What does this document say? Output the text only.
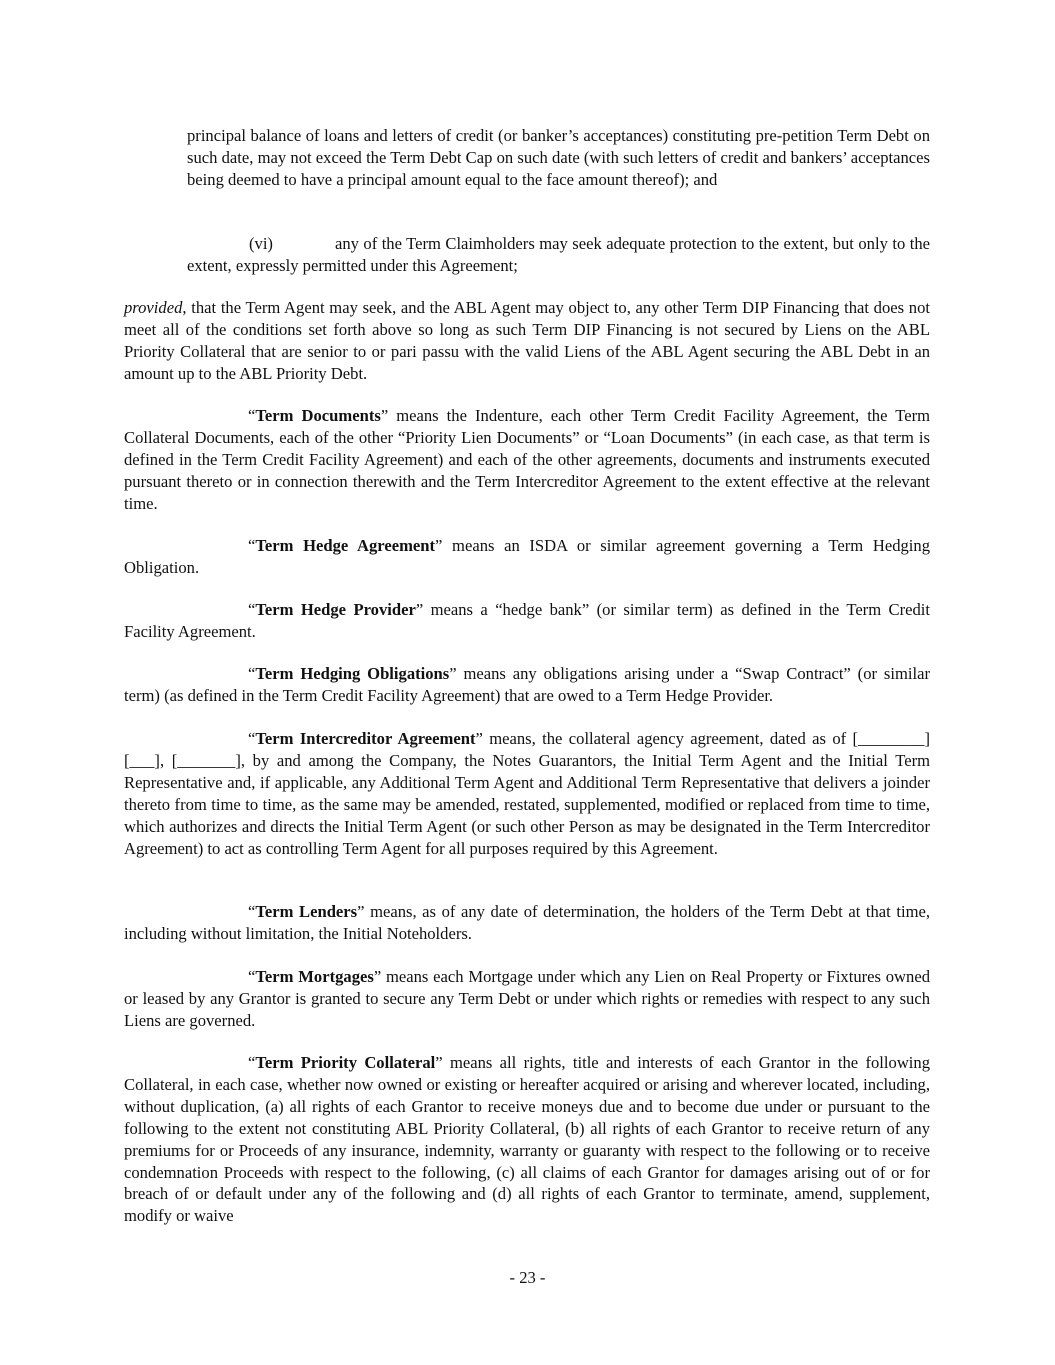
principal balance of loans and letters of credit (or banker’s acceptances) constituting pre-petition Term Debt on such date, may not exceed the Term Debt Cap on such date (with such letters of credit and bankers’ acceptances being deemed to have a principal amount equal to the face amount thereof); and

(vi)	any of the Term Claimholders may seek adequate protection to the extent, but only to the extent, expressly permitted under this Agreement;

provided, that the Term Agent may seek, and the ABL Agent may object to, any other Term DIP Financing that does not meet all of the conditions set forth above so long as such Term DIP Financing is not secured by Liens on the ABL Priority Collateral that are senior to or pari passu with the valid Liens of the ABL Agent securing the ABL Debt in an amount up to the ABL Priority Debt.

“Term Documents” means the Indenture, each other Term Credit Facility Agreement, the Term Collateral Documents, each of the other “Priority Lien Documents” or “Loan Documents” (in each case, as that term is defined in the Term Credit Facility Agreement) and each of the other agreements, documents and instruments executed pursuant thereto or in connection therewith and the Term Intercreditor Agreement to the extent effective at the relevant time.

“Term Hedge Agreement” means an ISDA or similar agreement governing a Term Hedging Obligation.

“Term Hedge Provider” means a “hedge bank” (or similar term) as defined in the Term Credit Facility Agreement.

“Term Hedging Obligations” means any obligations arising under a “Swap Contract” (or similar term) (as defined in the Term Credit Facility Agreement) that are owed to a Term Hedge Provider.

“Term Intercreditor Agreement” means, the collateral agency agreement, dated as of [________] [___], [_______], by and among the Company, the Notes Guarantors, the Initial Term Agent and the Initial Term Representative and, if applicable, any Additional Term Agent and Additional Term Representative that delivers a joinder thereto from time to time, as the same may be amended, restated, supplemented, modified or replaced from time to time, which authorizes and directs the Initial Term Agent (or such other Person as may be designated in the Term Intercreditor Agreement) to act as controlling Term Agent for all purposes required by this Agreement.

“Term Lenders” means, as of any date of determination, the holders of the Term Debt at that time, including without limitation, the Initial Noteholders.

“Term Mortgages” means each Mortgage under which any Lien on Real Property or Fixtures owned or leased by any Grantor is granted to secure any Term Debt or under which rights or remedies with respect to any such Liens are governed.

“Term Priority Collateral” means all rights, title and interests of each Grantor in the following Collateral, in each case, whether now owned or existing or hereafter acquired or arising and wherever located, including, without duplication, (a) all rights of each Grantor to receive moneys due and to become due under or pursuant to the following to the extent not constituting ABL Priority Collateral, (b) all rights of each Grantor to receive return of any premiums for or Proceeds of any insurance, indemnity, warranty or guaranty with respect to the following or to receive condemnation Proceeds with respect to the following, (c) all claims of each Grantor for damages arising out of or for breach of or default under any of the following and (d) all rights of each Grantor to terminate, amend, supplement, modify or waive

- 23 -
